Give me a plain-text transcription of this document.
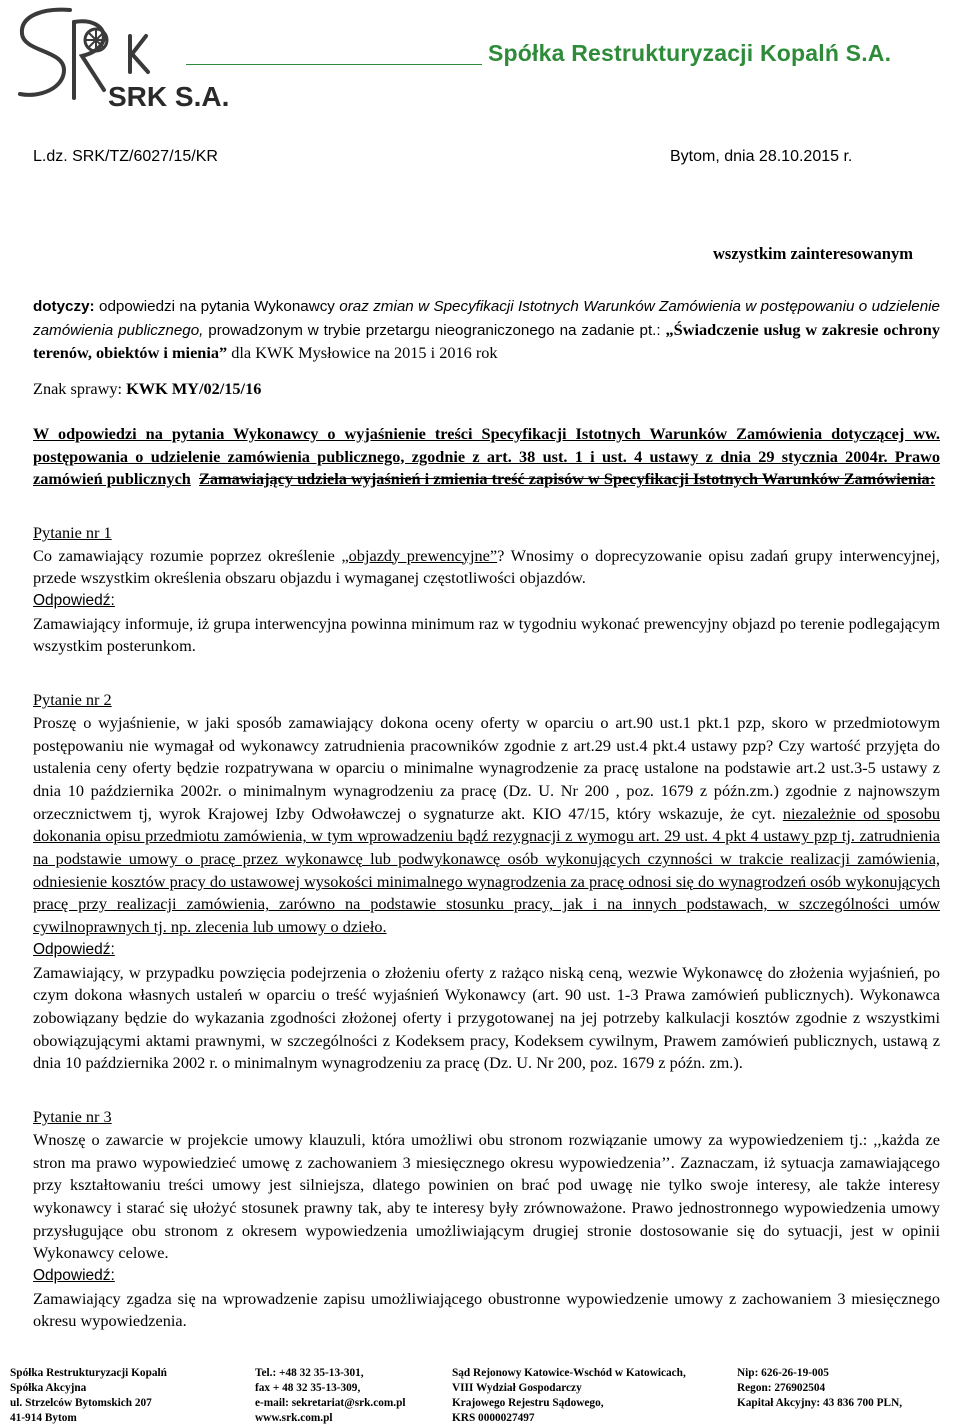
SRK S.A.
Spółka Restrukturyzacji Kopalń S.A.
L.dz. SRK/TZ/6027/15/KR	Bytom, dnia 28.10.2015 r.
wszystkim zainteresowanym

dotyczy: odpowiedzi na pytania Wykonawcy oraz zmian w Specyfikacji Istotnych Warunków Zamówienia w postępowaniu o udzielenie zamówienia publicznego, prowadzonym w trybie przetargu nieograniczonego na zadanie pt.: „Świadczenie usług w zakresie ochrony terenów, obiektów i mienia” dla KWK Mysłowice na 2015 i 2016 rok

Znak sprawy: KWK MY/02/15/16

W odpowiedzi na pytania Wykonawcy o wyjaśnienie treści Specyfikacji Istotnych Warunków Zamówienia dotyczącej ww. postępowania o udzielenie zamówienia publicznego, zgodnie z art. 38 ust. 1 i ust. 4 ustawy z dnia 29 stycznia 2004r. Prawo zamówień publicznych Zamawiający udziela wyjaśnień i zmienia treść zapisów w Specyfikacji Istotnych Warunków Zamówienia:

Pytanie nr 1

Co zamawiający rozumie poprzez określenie „objazdy prewencyjne”? Wnosimy o doprecyzowanie opisu zadań grupy interwencyjnej, przede wszystkim określenia obszaru objazdu i wymaganej częstotliwości objazdów.

Odpowiedź:

Zamawiający informuje, iż grupa interwencyjna powinna minimum raz w tygodniu wykonać prewencyjny objazd po terenie podlegającym wszystkim posterunkom.

Pytanie nr 2

Proszę o wyjaśnienie, w jaki sposób zamawiający dokona oceny oferty w oparciu o art.90 ust.1 pkt.1 pzp, skoro w przedmiotowym postępowaniu nie wymagał od wykonawcy zatrudnienia pracowników zgodnie z art.29 ust.4 pkt.4 ustawy pzp? Czy wartość przyjęta do ustalenia ceny oferty będzie rozpatrywana w oparciu o minimalne wynagrodzenie za pracę ustalone na podstawie art.2 ust.3-5 ustawy z dnia 10 października 2002r. o minimalnym wynagrodzeniu za pracę (Dz. U. Nr 200 , poz. 1679 z późn.zm.) zgodnie z najnowszym orzecznictwem tj, wyrok Krajowej Izby Odwoławczej o sygnaturze akt. KIO 47/15, który wskazuje, że cyt. niezależnie od sposobu dokonania opisu przedmiotu zamówienia, w tym wprowadzeniu bądź rezygnacji z wymogu art. 29 ust. 4 pkt 4 ustawy pzp tj. zatrudnienia na podstawie umowy o pracę przez wykonawcę lub podwykonawcę osób wykonujących czynności w trakcie realizacji zamówienia, odniesienie kosztów pracy do ustawowej wysokości minimalnego wynagrodzenia za pracę odnosi się do wynagrodzeń osób wykonujących pracę przy realizacji zamówienia, zarówno na podstawie stosunku pracy, jak i na innych podstawach, w szczególności umów cywilnoprawnych tj. np. zlecenia lub umowy o dzieło.

Odpowiedź:

Zamawiający, w przypadku powzięcia podejrzenia o złożeniu oferty z rażąco niską ceną, wezwie Wykonawcę do złożenia wyjaśnień, po czym dokona własnych ustaleń w oparciu o treść wyjaśnień Wykonawcy (art. 90 ust. 1-3 Prawa zamówień publicznych). Wykonawca zobowiązany będzie do wykazania zgodności złożonej oferty i przygotowanej na jej potrzeby kalkulacji kosztów zgodnie z wszystkimi obowiązującymi aktami prawnymi, w szczególności z Kodeksem pracy, Kodeksem cywilnym, Prawem zamówień publicznych, ustawą z dnia 10 października 2002 r. o minimalnym wynagrodzeniu za pracę (Dz. U. Nr 200, poz. 1679 z późn. zm.).

Pytanie nr 3

Wnoszę o zawarcie w projekcie umowy klauzuli, która umożliwi obu stronom rozwiązanie umowy za wypowiedzeniem tj.: ,,każda ze stron ma prawo wypowiedzieć umowę z zachowaniem 3 miesięcznego okresu wypowiedzenia’’. Zaznaczam, iż sytuacja zamawiającego przy kształtowaniu treści umowy jest silniejsza, dlatego powinien on brać pod uwagę nie tylko swoje interesy, ale także interesy wykonawcy i starać się ułożyć stosunek prawny tak, aby te interesy były zrównoważone. Prawo jednostronnego wypowiedzenia umowy przysługujące obu stronom z okresem wypowiedzenia umożliwiającym drugiej stronie dostosowanie się do sytuacji, jest w opinii Wykonawcy celowe.

Odpowiedź:

Zamawiający zgadza się na wprowadzenie zapisu umożliwiającego obustronne wypowiedzenie umowy z zachowaniem 3 miesięcznego okresu wypowiedzenia.

Spółka Restrukturyzacji Kopalń
Spółka Akcyjna
ul. Strzelców Bytomskich 207
41-914 Bytom
Tel.: +48 32 35-13-301,
fax + 48 32 35-13-309,
e-mail: sekretariat@srk.com.pl
www.srk.com.pl
Sąd Rejonowy Katowice-Wschód w Katowicach,
VIII Wydział Gospodarczy
Krajowego Rejestru Sądowego,
KRS 0000027497
Nip: 626-26-19-005
Regon: 276902504
Kapitał Akcyjny: 43 836 700 PLN,
